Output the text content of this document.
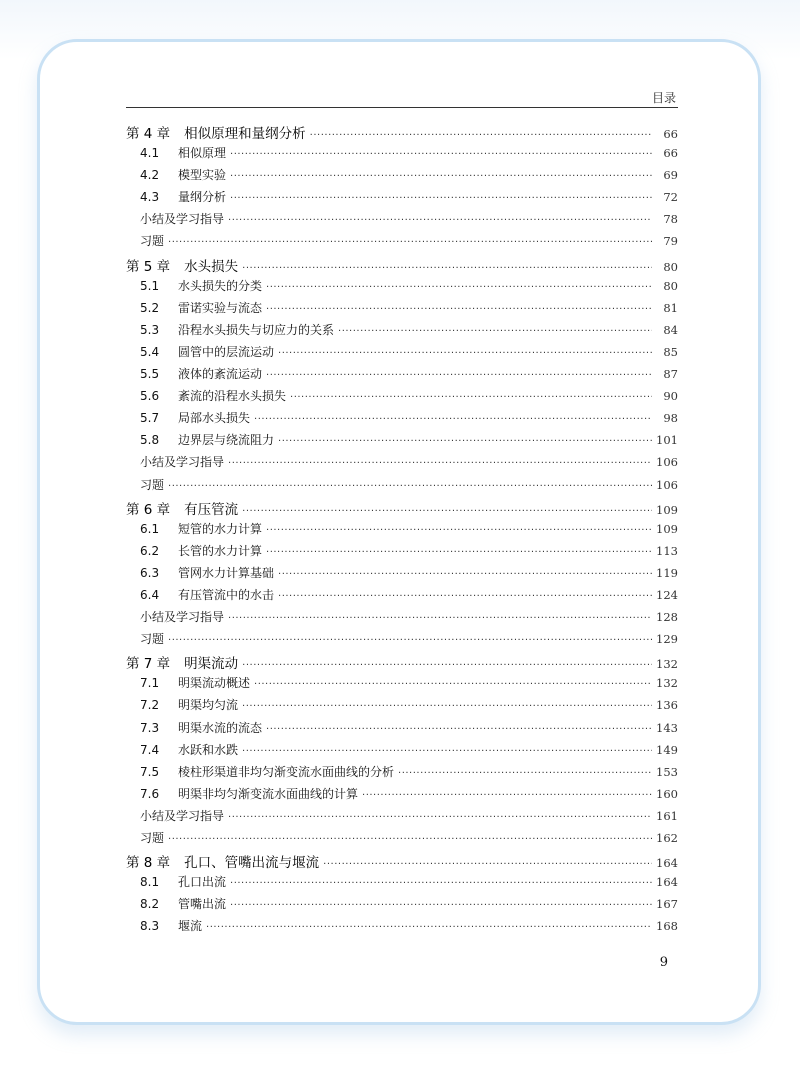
目录
第 4 章 相似原理和量纲分析 ·····	66
4.1	相似原理 ·····	66
4.2	模型实验 ·····	69
4.3	量纲分析 ·····	72
小结及学习指导 ·····	78
习题 ·····	79
第 5 章 水头损失 ·····	80
5.1	水头损失的分类 ·····	80
5.2	雷诺实验与流态 ·····	81
5.3	沿程水头损失与切应力的关系 ·····	84
5.4	圆管中的层流运动 ·····	85
5.5	液体的紊流运动 ·····	87
5.6	紊流的沿程水头损失 ·····	90
5.7	局部水头损失 ·····	98
5.8	边界层与绕流阻力 ·····	101
小结及学习指导 ·····	106
习题 ·····	106
第 6 章 有压管流 ·····	109
6.1	短管的水力计算 ·····	109
6.2	长管的水力计算 ·····	113
6.3	管网水力计算基础 ·····	119
6.4	有压管流中的水击 ·····	124
小结及学习指导 ·····	128
习题 ·····	129
第 7 章 明渠流动 ·····	132
7.1	明渠流动概述 ·····	132
7.2	明渠均匀流 ·····	136
7.3	明渠水流的流态 ·····	143
7.4	水跃和水跌 ·····	149
7.5	棱柱形渠道非均匀渐变流水面曲线的分析 ·····	153
7.6	明渠非均匀渐变流水面曲线的计算 ·····	160
小结及学习指导 ·····	161
习题 ·····	162
第 8 章 孔口、管嘴出流与堰流 ·····	164
8.1	孔口出流 ·····	164
8.2	管嘴出流 ·····	167
8.3	堰流 ·····	168
9
